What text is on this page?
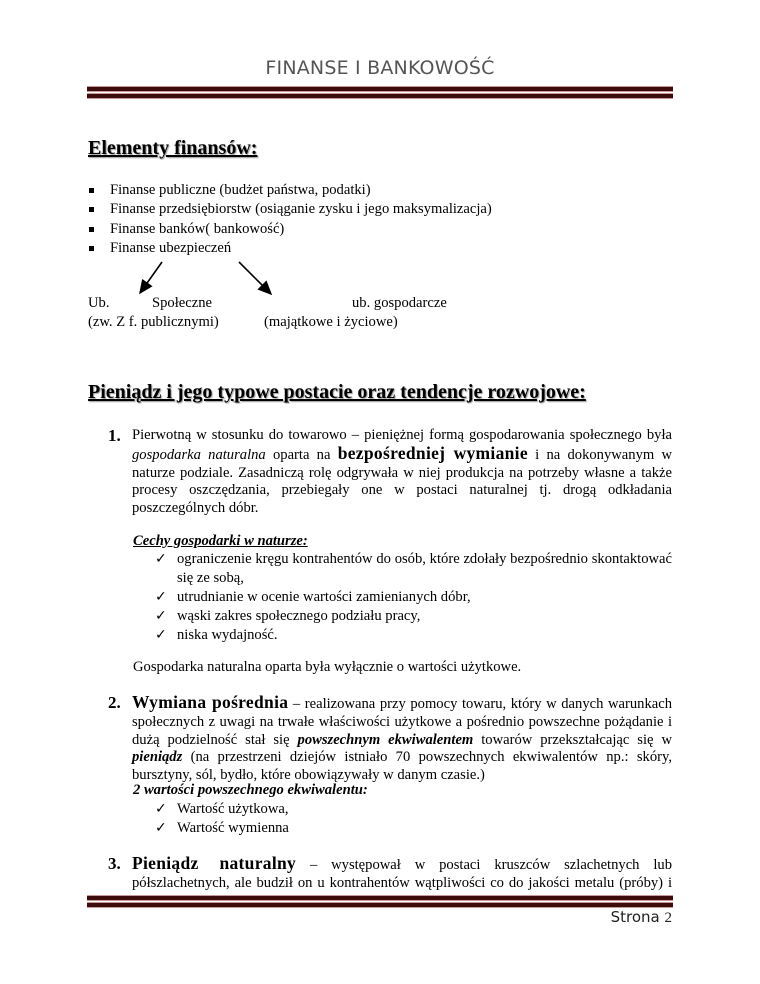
FINANSE I BANKOWOŚĆ
Elementy finansów:
Finanse publiczne (budżet państwa, podatki)
Finanse przedsiębiorstw (osiąganie zysku i jego maksymalizacja)
Finanse banków( bankowość)
Finanse ubezpieczeń
Ub.	Społeczne	ub. gospodarcze
(zw. Z f. publicznymi)	(majątkowe i życiowe)
Pieniądz i jego typowe postacie oraz tendencje rozwojowe:
1. Pierwotną w stosunku do towarowo – pieniężnej formą gospodarowania społecznego była gospodarka naturalna oparta na bezpośredniej wymianie i na dokonywanym w naturze podziale. Zasadniczą rolę odgrywała w niej produkcja na potrzeby własne a także procesy oszczędzania, przebiegały one w postaci naturalnej tj. drogą odkładania poszczególnych dóbr.
Cechy gospodarki w naturze:
✓ ograniczenie kręgu kontrahentów do osób, które zdołały bezpośrednio skontaktować się ze sobą,
✓ utrudnianie w ocenie wartości zamienianych dóbr,
✓ wąski zakres społecznego podziału pracy,
✓ niska wydajność.
Gospodarka naturalna oparta była wyłącznie o wartości użytkowe.
2. Wymiana pośrednia – realizowana przy pomocy towaru, który w danych warunkach społecznych z uwagi na trwałe właściwości użytkowe a pośrednio powszechne pożądanie i dużą podzielność stał się powszechnym ekwiwalentem towarów przekształcając się w pieniądz (na przestrzeni dziejów istniało 70 powszechnych ekwiwalentów np.: skóry, bursztyny, sól, bydło, które obowiązywały w danym czasie.)
2 wartości powszechnego ekwiwalentu:
✓ Wartość użytkowa,
✓ Wartość wymienna
3. Pieniądz naturalny – występował w postaci kruszców szlachetnych lub półszlachetnych, ale budził on u kontrahentów wątpliwości co do jakości metalu (próby) i
Strona 2
